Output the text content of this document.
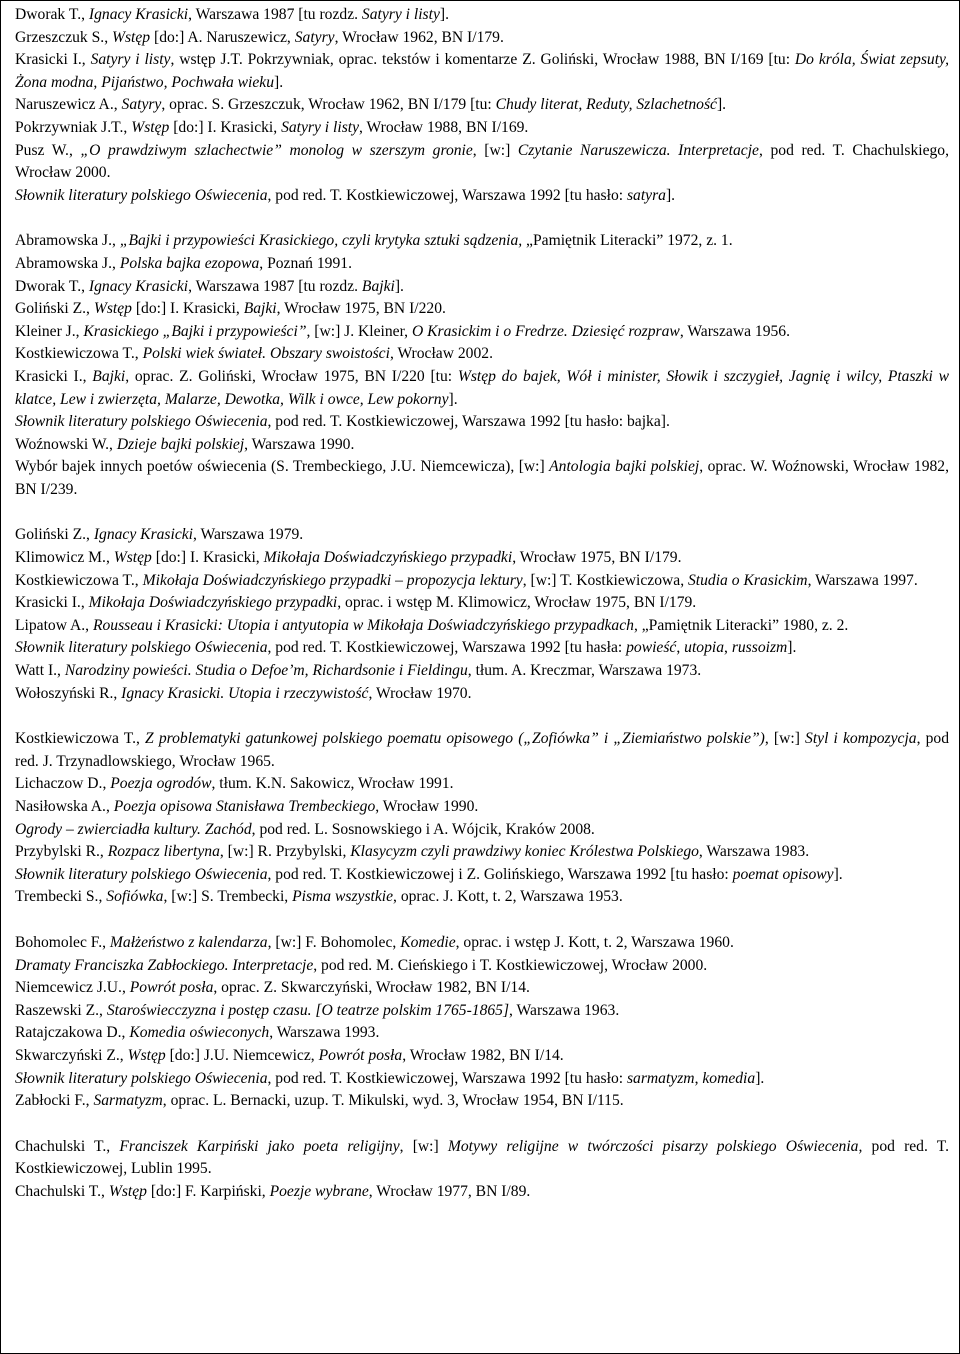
Dworak T., Ignacy Krasicki, Warszawa 1987 [tu rozdz. Satyry i listy].

Grzeszczuk S., Wstęp [do:] A. Naruszewicz, Satyry, Wrocław 1962, BN I/179.

Krasicki I., Satyry i listy, wstęp J.T. Pokrzywniak, oprac. tekstów i komentarze Z. Goliński, Wrocław 1988, BN I/169 [tu: Do króla, Świat zepsuty, Żona modna, Pijaństwo, Pochwała wieku].

Naruszewicz A., Satyry, oprac. S. Grzeszczuk, Wrocław 1962, BN I/179 [tu: Chudy literat, Reduty, Szlachetność].

Pokrzywniak J.T., Wstęp [do:] I. Krasicki, Satyry i listy, Wrocław 1988, BN I/169.

Pusz W., „O prawdziwym szlachectwie” monolog w szerszym gronie, [w:] Czytanie Naruszewicza. Interpretacje, pod red. T. Chachulskiego, Wrocław 2000.

Słownik literatury polskiego Oświecenia, pod red. T. Kostkiewiczowej, Warszawa 1992 [tu hasło: satyra].

Abramowska J., „Bajki i przypowieści Krasickiego, czyli krytyka sztuki sądzenia, „Pamiętnik Literacki” 1972, z. 1.

Abramowska J., Polska bajka ezopowa, Poznań 1991.

Dworak T., Ignacy Krasicki, Warszawa 1987 [tu rozdz. Bajki].

Goliński Z., Wstęp [do:] I. Krasicki, Bajki, Wrocław 1975, BN I/220.

Kleiner J., Krasickiego „Bajki i przypowieści”, [w:] J. Kleiner, O Krasickim i o Fredrze. Dziesięć rozpraw, Warszawa 1956.

Kostkiewiczowa T., Polski wiek świateł. Obszary swoistości, Wrocław 2002.

Krasicki I., Bajki, oprac. Z. Goliński, Wrocław 1975, BN I/220 [tu: Wstęp do bajek, Wół i minister, Słowik i szczygieł, Jagnię i wilcy, Ptaszki w klatce, Lew i zwierzęta, Malarze, Dewotka, Wilk i owce, Lew pokorny].

Słownik literatury polskiego Oświecenia, pod red. T. Kostkiewiczowej, Warszawa 1992 [tu hasło: bajka].

Woźnowski W., Dzieje bajki polskiej, Warszawa 1990.

Wybór bajek innych poetów oświecenia (S. Trembeckiego, J.U. Niemcewicza), [w:] Antologia bajki polskiej, oprac. W. Woźnowski, Wrocław 1982, BN I/239.

Goliński Z., Ignacy Krasicki, Warszawa 1979.

Klimowicz M., Wstęp [do:] I. Krasicki, Mikołaja Doświadczyńskiego przypadki, Wrocław 1975, BN I/179.

Kostkiewiczowa T., Mikołaja Doświadczyńskiego przypadki – propozycja lektury, [w:] T. Kostkiewiczowa, Studia o Krasickim, Warszawa 1997.

Krasicki I., Mikołaja Doświadczyńskiego przypadki, oprac. i wstęp M. Klimowicz, Wrocław 1975, BN I/179.

Lipatow A., Rousseau i Krasicki: Utopia i antyutopia w Mikołaja Doświadczyńskiego przypadkach, „Pamiętnik Literacki” 1980, z. 2.

Słownik literatury polskiego Oświecenia, pod red. T. Kostkiewiczowej, Warszawa 1992 [tu hasła: powieść, utopia, russoizm].

Watt I., Narodziny powieści. Studia o Defoe’m, Richardsonie i Fieldingu, tłum. A. Kreczmar, Warszawa 1973.

Wołoszyński R., Ignacy Krasicki. Utopia i rzeczywistość, Wrocław 1970.

Kostkiewiczowa T., Z problematyki gatunkowej polskiego poematu opisowego („Zofiówka” i „Ziemiaństwo polskie”), [w:] Styl i kompozycja, pod red. J. Trzynadlowskiego, Wrocław 1965.

Lichaczow D., Poezja ogrodów, tłum. K.N. Sakowicz, Wrocław 1991.

Nasiłowska A., Poezja opisowa Stanisława Trembeckiego, Wrocław 1990.

Ogrody – zwierciadła kultury. Zachód, pod red. L. Sosnowskiego i A. Wójcik, Kraków 2008.

Przybylski R., Rozpacz libertyna, [w:] R. Przybylski, Klasycyzm czyli prawdziwy koniec Królestwa Polskiego, Warszawa 1983.

Słownik literatury polskiego Oświecenia, pod red. T. Kostkiewiczowej i Z. Golińskiego, Warszawa 1992 [tu hasło: poemat opisowy].

Trembecki S., Sofiówka, [w:] S. Trembecki, Pisma wszystkie, oprac. J. Kott, t. 2, Warszawa 1953.

Bohomolec F., Małżeństwo z kalendarza, [w:] F. Bohomolec, Komedie, oprac. i wstęp J. Kott, t. 2, Warszawa 1960.

Dramaty Franciszka Zabłockiego. Interpretacje, pod red. M. Cieńskiego i T. Kostkiewiczowej, Wrocław 2000.

Niemcewicz J.U., Powrót posła, oprac. Z. Skwarczyński, Wrocław 1982, BN I/14.

Raszewski Z., Staroświecczyzna i postęp czasu. [O teatrze polskim 1765-1865], Warszawa 1963.

Ratajczakowa D., Komedia oświeconych, Warszawa 1993.

Skwarczyński Z., Wstęp [do:] J.U. Niemcewicz, Powrót posła, Wrocław 1982, BN I/14.

Słownik literatury polskiego Oświecenia, pod red. T. Kostkiewiczowej, Warszawa 1992 [tu hasło: sarmatyzm, komedia].

Zabłocki F., Sarmatyzm, oprac. L. Bernacki, uzup. T. Mikulski, wyd. 3, Wrocław 1954, BN I/115.

Chachulski T., Franciszek Karpiński jako poeta religijny, [w:] Motywy religijne w twórczości pisarzy polskiego Oświecenia, pod red. T. Kostkiewiczowej, Lublin 1995.

Chachulski T., Wstęp [do:] F. Karpiński, Poezje wybrane, Wrocław 1977, BN I/89.
